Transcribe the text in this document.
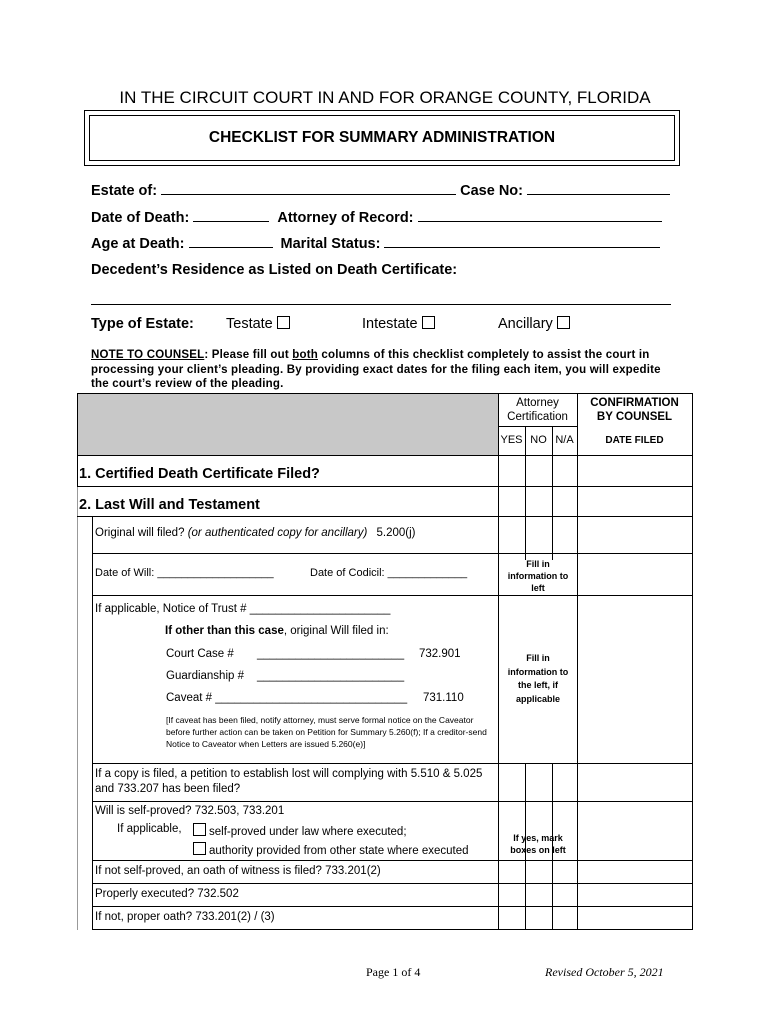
IN THE CIRCUIT COURT IN AND FOR ORANGE COUNTY, FLORIDA
CHECKLIST FOR SUMMARY ADMINISTRATION
Estate of:	Case No:
Date of Death:	Attorney of Record:
Age at Death:	Marital Status:
Decedent’s Residence as Listed on Death Certificate:
Type of Estate: Testate	Intestate	Ancillary
NOTE TO COUNSEL: Please fill out both columns of this checklist completely to assist the court in processing your client’s pleading. By providing exact dates for the filing each item, you will expedite the court’s review of the pleading.
Attorney
Certification
CONFIRMATION
BY COUNSEL
YES NO N/A	DATE FILED
1. Certified Death Certificate Filed?
2. Last Will and Testament
Original will filed? (or authenticated copy for ancillary) 5.200(j)
Date of Will: ___________________	Date of Codicil: _____________
Fill in information to left
If applicable, Notice of Trust # ______________________
If other than this case, original Will filed in:
Court Case # _______________________ 732.901
Guardianship # _______________________
Caveat # ______________________________ 731.110
[If caveat has been filed, notify attorney, must serve formal notice on the Caveator before further action can be taken on Petition for Summary 5.260(f); If a creditor-send Notice to Caveator when Letters are issued 5.260(e)]
Fill in information to the left, if applicable
If a copy is filed, a petition to establish lost will complying with 5.510 & 5.025 and 733.207 has been filed?
Will is self-proved? 732.503, 733.201
If applicable,	self-proved under law where executed;
authority provided from other state where executed
If yes, mark boxes on left
If not self-proved, an oath of witness is filed? 733.201(2)
Properly executed? 732.502
If not, proper oath? 733.201(2) / (3)
Page 1 of 4	Revised October 5, 2021
